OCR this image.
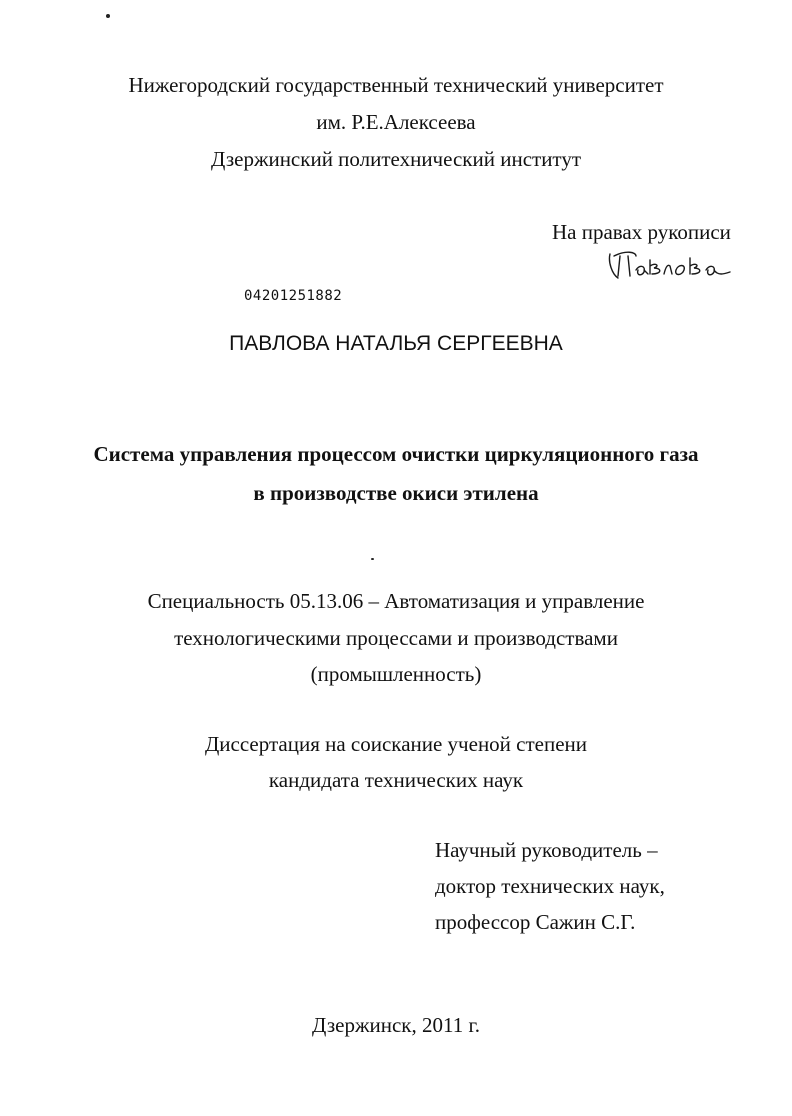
Нижегородский государственный технический университет
им. Р.Е.Алексеева
Дзержинский политехнический институт
На правах рукописи
04201251882
ПАВЛОВА НАТАЛЬЯ СЕРГЕЕВНА
Система управления процессом очистки циркуляционного газа
в производстве окиси этилена
Специальность 05.13.06 – Автоматизация и управление
технологическими процессами и производствами
(промышленность)
Диссертация на соискание ученой степени
кандидата технических наук
Научный руководитель –
доктор технических наук,
профессор Сажин С.Г.
Дзержинск, 2011 г.
